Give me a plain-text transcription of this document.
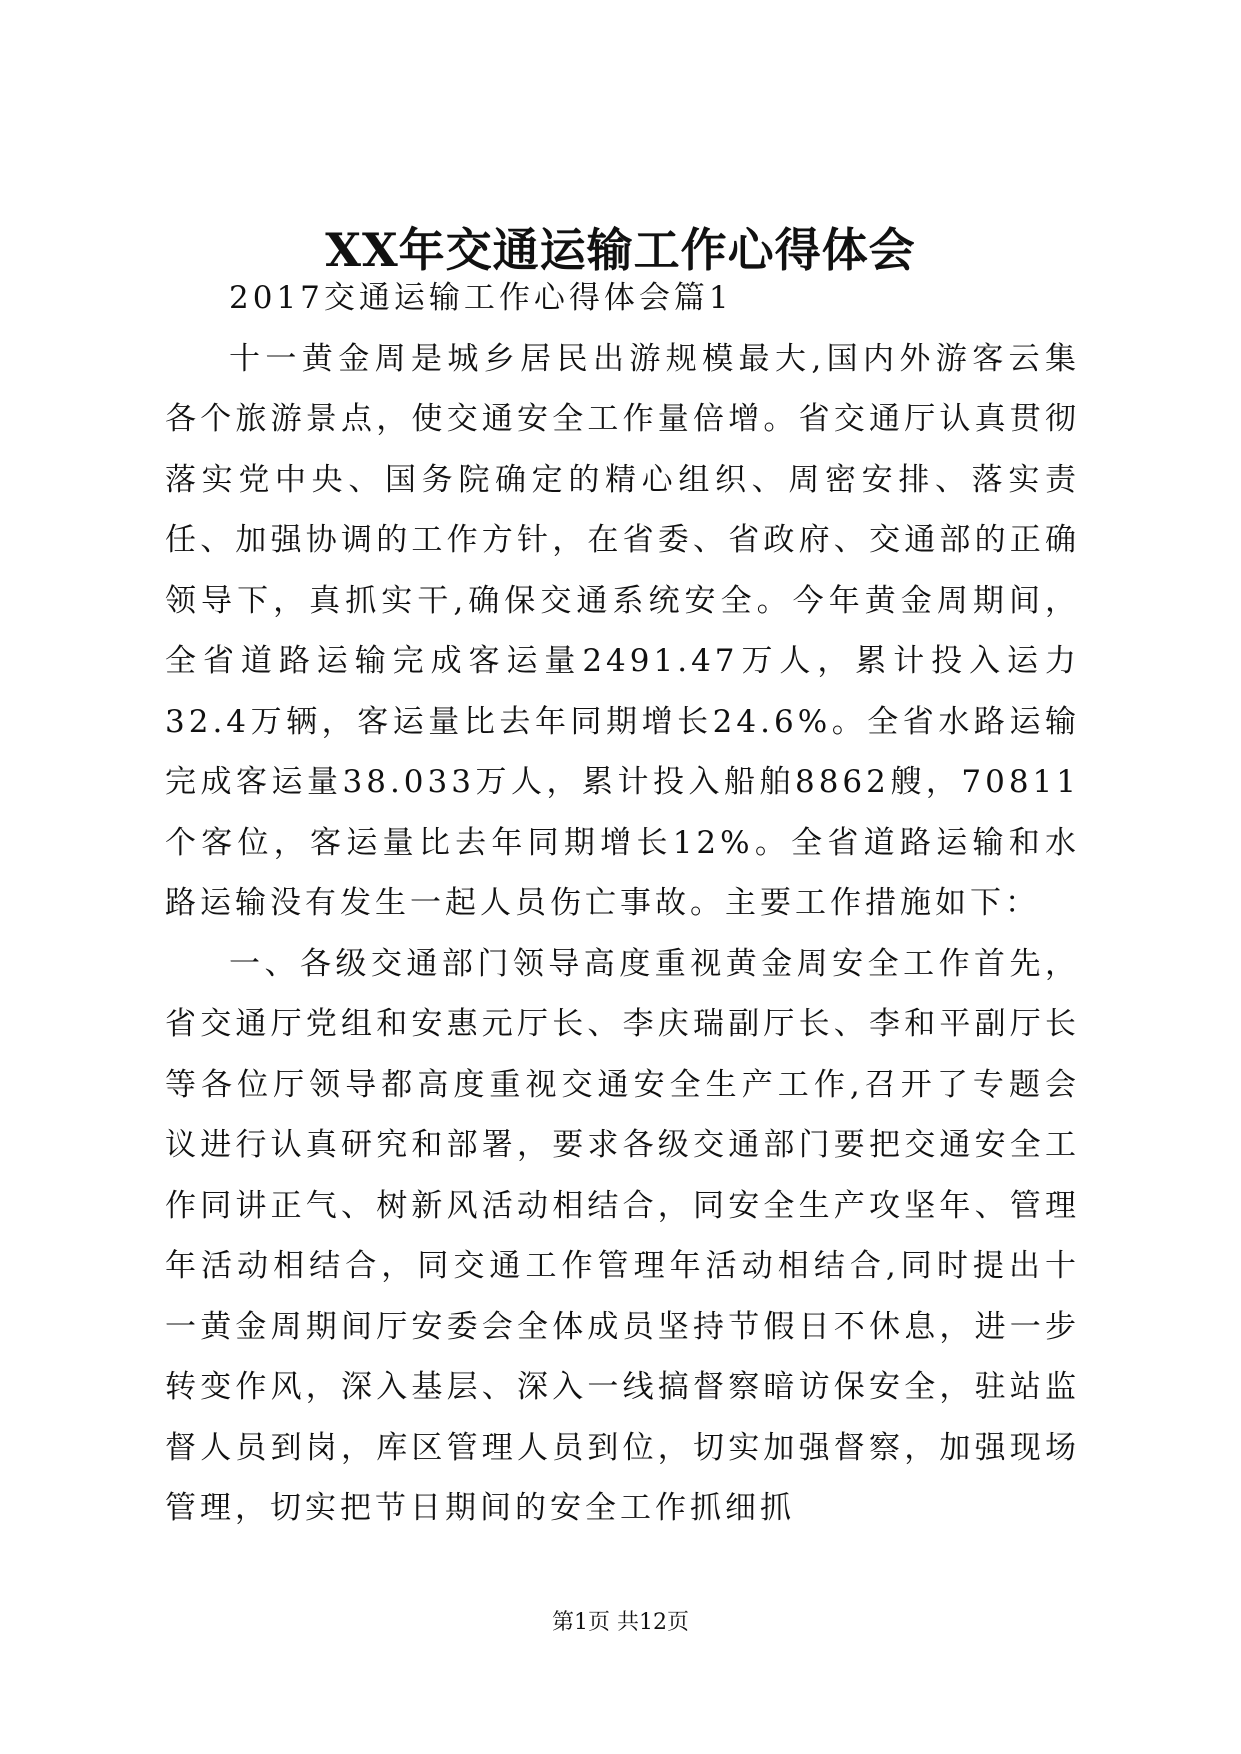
XX年交通运输工作心得体会

2017交通运输工作心得体会篇1

十一黄金周是城乡居民出游规模最大,国内外游客云集各个旅游景点，使交通安全工作量倍增。省交通厅认真贯彻落实党中央、国务院确定的精心组织、周密安排、落实责任、加强协调的工作方针，在省委、省政府、交通部的正确领导下，真抓实干,确保交通系统安全。今年黄金周期间，全省道路运输完成客运量2491.47万人，累计投入运力32.4万辆，客运量比去年同期增长24.6%。全省水路运输完成客运量38.033万人，累计投入船舶8862艘，70811个客位，客运量比去年同期增长12%。全省道路运输和水路运输没有发生一起人员伤亡事故。主要工作措施如下：

一、各级交通部门领导高度重视黄金周安全工作首先，省交通厅党组和安惠元厅长、李庆瑞副厅长、李和平副厅长等各位厅领导都高度重视交通安全生产工作,召开了专题会议进行认真研究和部署，要求各级交通部门要把交通安全工作同讲正气、树新风活动相结合，同安全生产攻坚年、管理年活动相结合，同交通工作管理年活动相结合,同时提出十一黄金周期间厅安委会全体成员坚持节假日不休息，进一步转变作风，深入基层、深入一线搞督察暗访保安全，驻站监督人员到岗，库区管理人员到位，切实加强督察，加强现场管理，切实把节日期间的安全工作抓细抓

第1页 共12页
